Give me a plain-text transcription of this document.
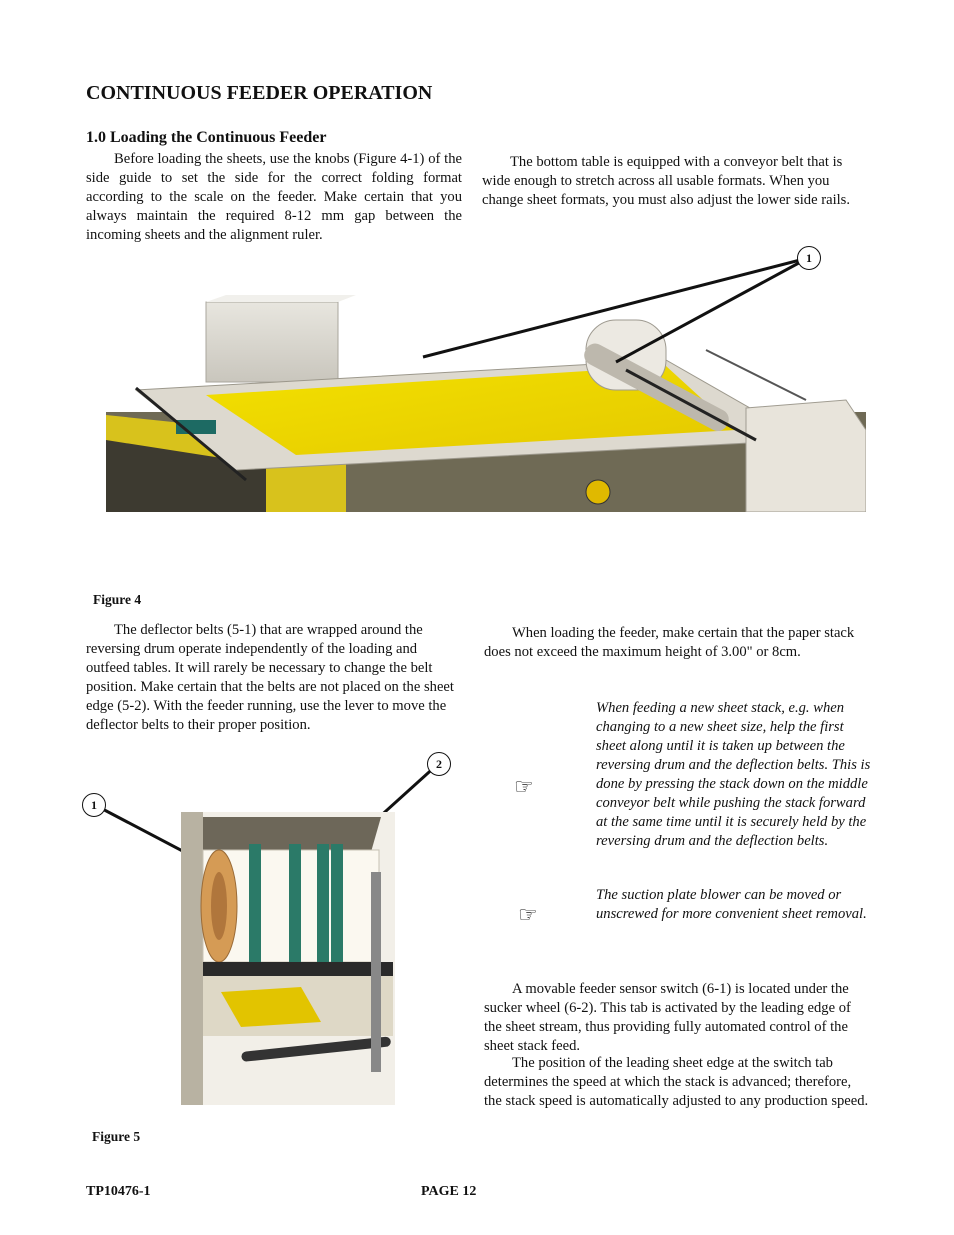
CONTINUOUS FEEDER OPERATION
1.0 Loading the Continuous Feeder

Before loading the sheets, use the knobs (Figure 4-1) of the side guide to set the side for the correct folding format according to the scale on the feeder. Make certain that you always maintain the required 8-12 mm gap between the incoming sheets and the alignment ruler.

The bottom table is equipped with a conveyor belt that is wide enough to stretch across all usable formats. When you change sheet formats, you must also adjust the lower side rails.

1
Figure 4

The deflector belts (5-1) that are wrapped around the reversing drum operate independently of the loading and outfeed tables. It will rarely be necessary to change the belt position. Make certain that the belts are not placed on the sheet edge (5-2). With the feeder running, use the lever to move the deflector belts to their proper position.

When loading the feeder, make certain that the paper stack does not exceed the maximum height of 3.00" or 8cm.

☞

When feeding a new sheet stack, e.g. when changing to a new sheet size, help the first sheet along until it is taken up between the reversing drum and the deflection belts. This is done by pressing the stack down on the middle conveyor belt while pushing the stack forward at the same time until it is securely held by the reversing drum and the deflection belts.

☞

The suction plate blower can be moved or unscrewed for more convenient sheet removal.

2
1
Figure 5

A movable feeder sensor switch (6-1) is located under the sucker wheel (6-2). This tab is activated by the leading edge of the sheet stream, thus providing fully automated control of the sheet stack feed.

The position of the leading sheet edge at the switch tab determines the speed at which the stack is advanced; therefore, the stack speed is automatically adjusted to any production speed.

TP10476-1	PAGE 12
